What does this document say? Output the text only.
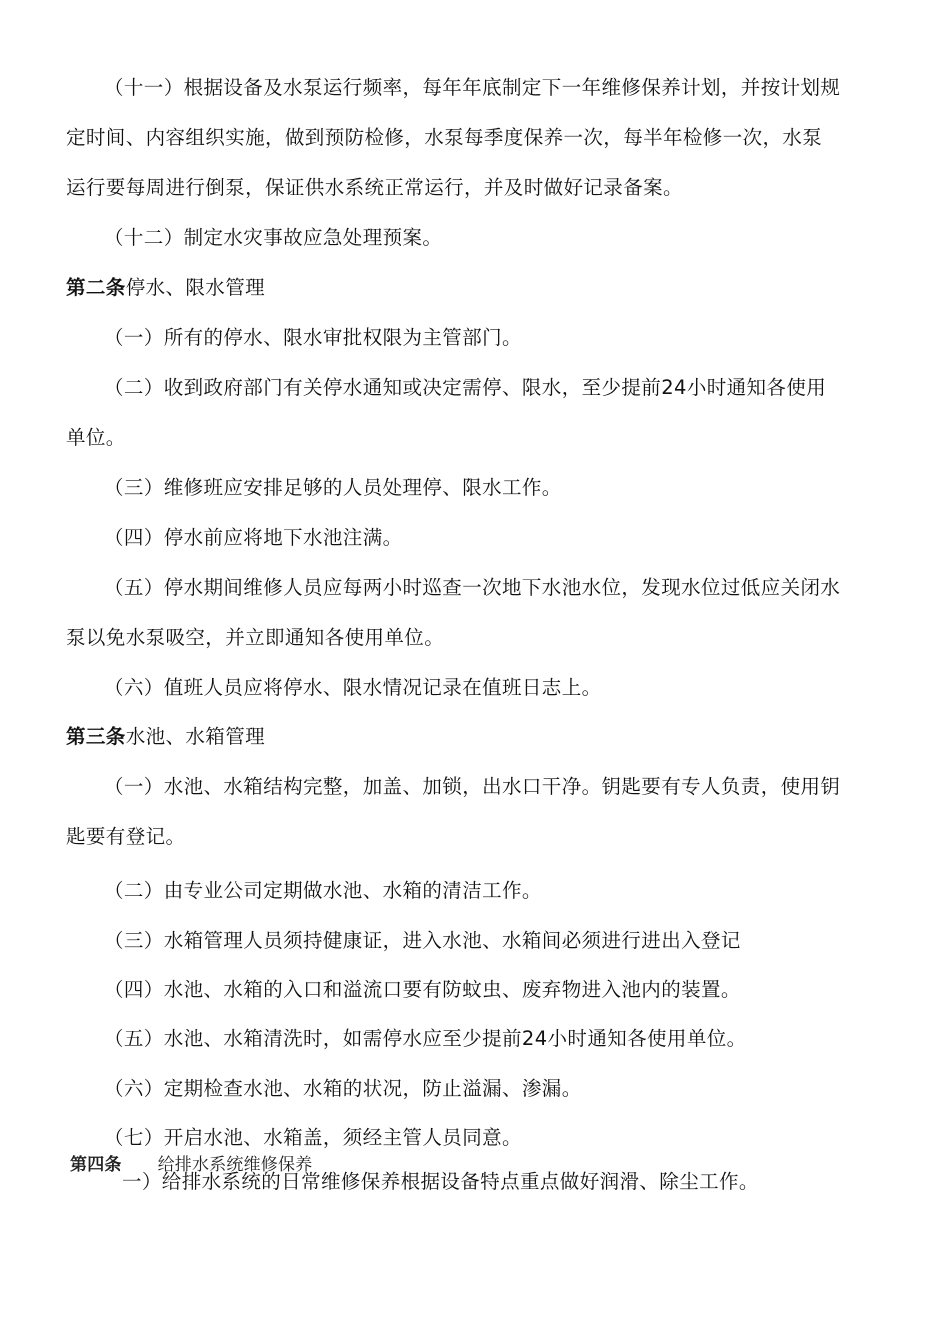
（十一）根据设备及水泵运行频率，每年年底制定下一年维修保养计划，并按计划规
定时间、内容组织实施，做到预防检修，水泵每季度保养一次，每半年检修一次，水泵
运行要每周进行倒泵，保证供水系统正常运行，并及时做好记录备案。
（十二）制定水灾事故应急处理预案。
第二条停水、限水管理
（一）所有的停水、限水审批权限为主管部门。
（二）收到政府部门有关停水通知或决定需停、限水，至少提前24小时通知各使用
单位。
（三）维修班应安排足够的人员处理停、限水工作。
（四）停水前应将地下水池注满。
（五）停水期间维修人员应每两小时巡查一次地下水池水位，发现水位过低应关闭水
泵以免水泵吸空，并立即通知各使用单位。
（六）值班人员应将停水、限水情况记录在值班日志上。
第三条水池、水箱管理
（一）水池、水箱结构完整，加盖、加锁，出水口干净。钥匙要有专人负责，使用钥
匙要有登记。
（二）由专业公司定期做水池、水箱的清洁工作。
（三）水箱管理人员须持健康证，进入水池、水箱间必须进行进出入登记
（四）水池、水箱的入口和溢流口要有防蚊虫、废弃物进入池内的装置。
（五）水池、水箱清洗时，如需停水应至少提前24小时通知各使用单位。
（六）定期检查水池、水箱的状况，防止溢漏、渗漏。
（七）开启水池、水箱盖，须经主管人员同意。
第四条 给排水系统维修保养
一）给排水系统的日常维修保养根据设备特点重点做好润滑、除尘工作。
